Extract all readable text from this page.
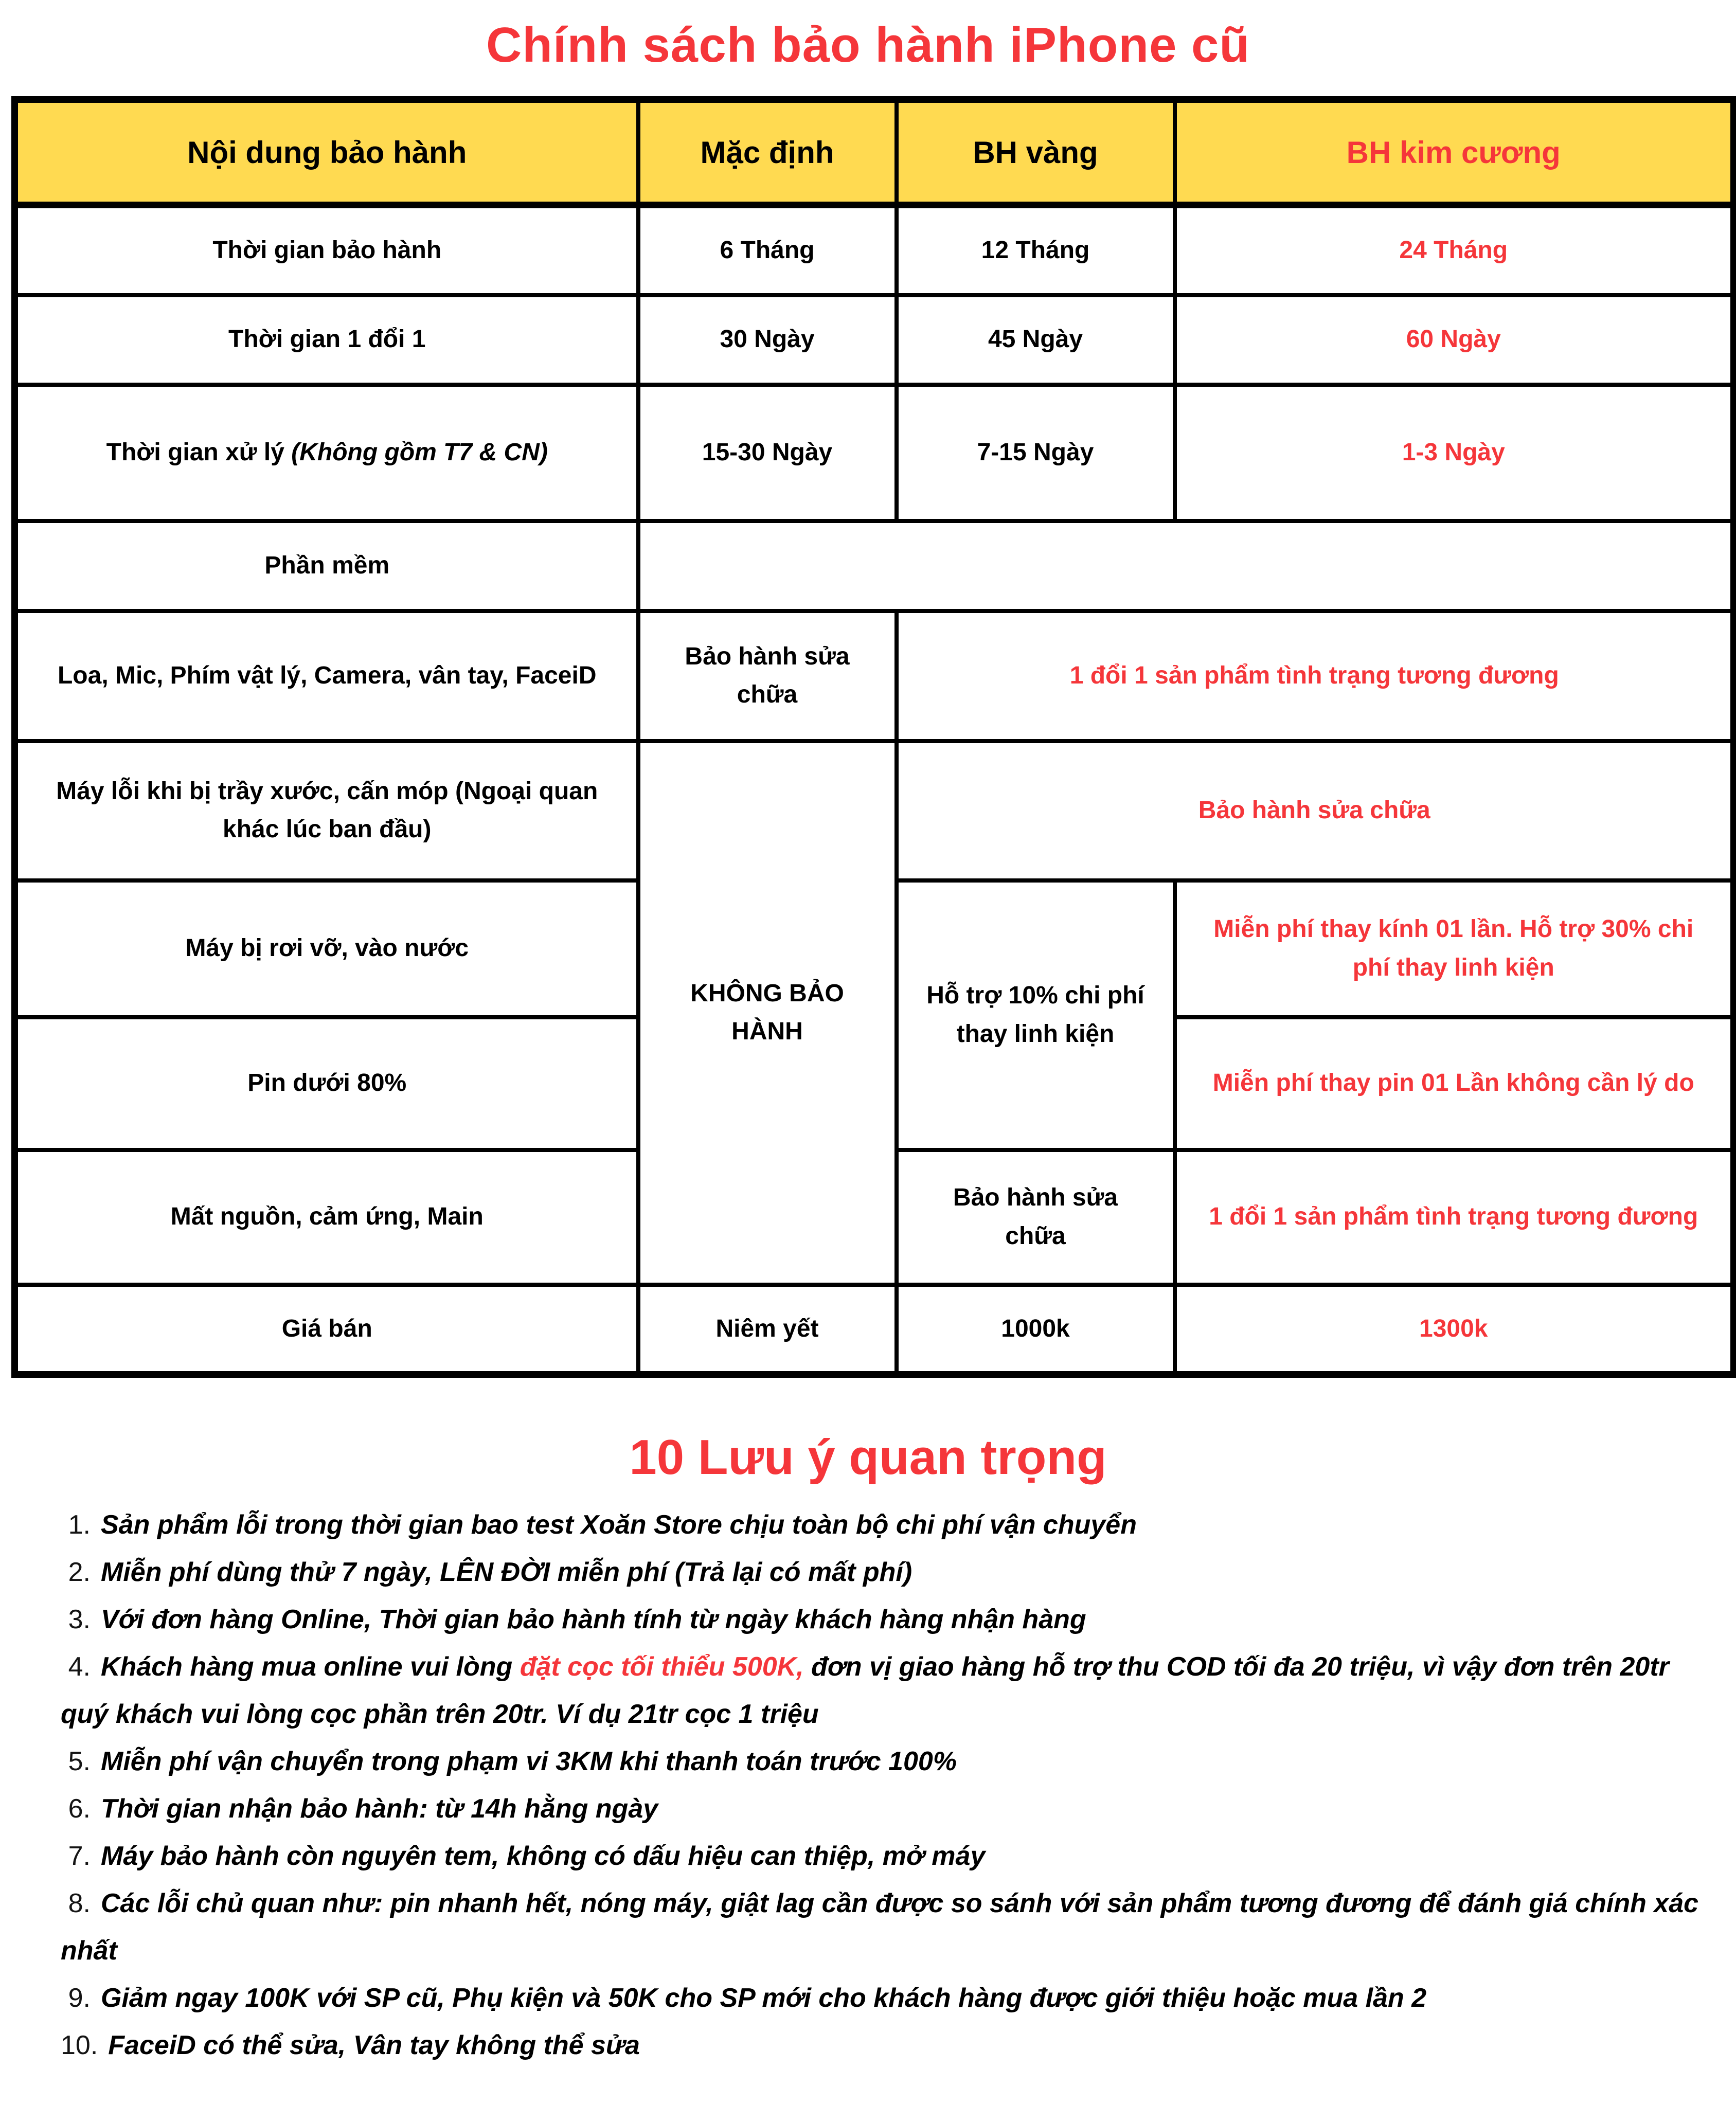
Chính sách bảo hành iPhone cũ
Nội dung bảo hành	Mặc định	BH vàng	BH kim cương
Thời gian bảo hành	6 Tháng	12 Tháng	24 Tháng
Thời gian 1 đổi 1	30 Ngày	45 Ngày	60 Ngày
Thời gian xử lý (Không gồm T7 & CN)	15-30 Ngày	7-15 Ngày	1-3 Ngày
Phần mềm	10 Năm		
Loa, Mic, Phím vật lý, Camera, vân tay, FaceiD	Bảo hành sửa chữa	1 đổi 1 sản phẩm tình trạng tương đương	
Máy lỗi khi bị trầy xước, cấn móp (Ngoại quan khác lúc ban đầu)	KHÔNG BẢO HÀNH	Bảo hành sửa chữa	
Máy bị rơi vỡ, vào nước		Hỗ trợ 10% chi phí thay linh kiện	Miễn phí thay kính 01 lần. Hỗ trợ 30% chi phí thay linh kiện
Pin dưới 80%			Miễn phí thay pin 01 Lần không cần lý do
Mất nguồn, cảm ứng, Main		Bảo hành sửa chữa	1 đổi 1 sản phẩm tình trạng tương đương
Giá bán	Niêm yết	1000k	1300k
10 Lưu ý quan trọng
1. Sản phẩm lỗi trong thời gian bao test Xoăn Store chịu toàn bộ chi phí vận chuyển
2. Miễn phí dùng thử 7 ngày, LÊN ĐỜI miễn phí (Trả lại có mất phí)
3. Với đơn hàng Online, Thời gian bảo hành tính từ ngày khách hàng nhận hàng
4. Khách hàng mua online vui lòng đặt cọc tối thiểu 500K, đơn vị giao hàng hỗ trợ thu COD tối đa 20 triệu, vì vậy đơn trên 20tr quý khách vui lòng cọc phần trên 20tr. Ví dụ 21tr cọc 1 triệu
5. Miễn phí vận chuyển trong phạm vi 3KM khi thanh toán trước 100%
6. Thời gian nhận bảo hành: từ 14h hằng ngày
7. Máy bảo hành còn nguyên tem, không có dấu hiệu can thiệp, mở máy
8. Các lỗi chủ quan như: pin nhanh hết, nóng máy, giật lag cần được so sánh với sản phẩm tương đương để đánh giá chính xác nhất
9. Giảm ngay 100K với SP cũ, Phụ kiện và 50K cho SP mới cho khách hàng được giới thiệu hoặc mua lần 2
10. FaceiD có thể sửa, Vân tay không thể sửa
